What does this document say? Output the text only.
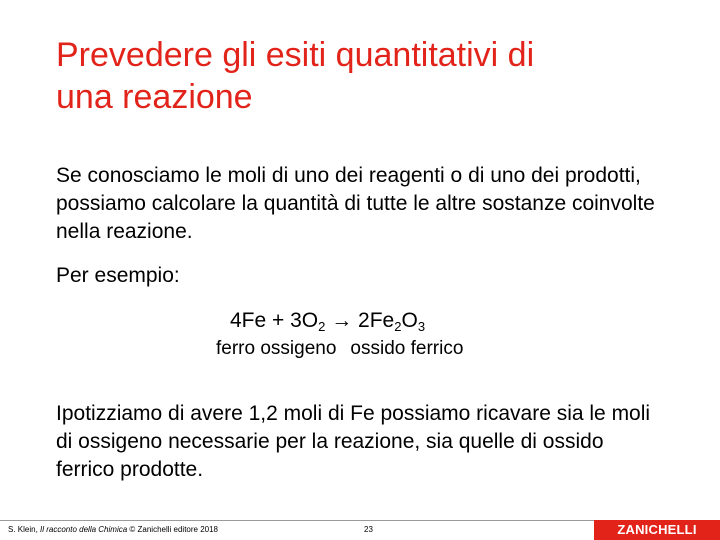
Prevedere gli esiti quantitativi di
una reazione

Se conosciamo le moli di uno dei reagenti o di uno dei prodotti, possiamo calcolare la quantità di tutte le altre sostanze coinvolte nella reazione.

Per esempio:

$4Fe + 3O_2 \to 2Fe_2O_3$
ferro ossigeno ossido ferrico

Ipotizziamo di avere 1,2 moli di Fe possiamo ricavare sia le moli di ossigeno necessarie per la reazione, sia quelle di ossido ferrico prodotte.

S. Klein, Il racconto della Chimica © Zanichelli editore 2018	23	ZANICHELLI
